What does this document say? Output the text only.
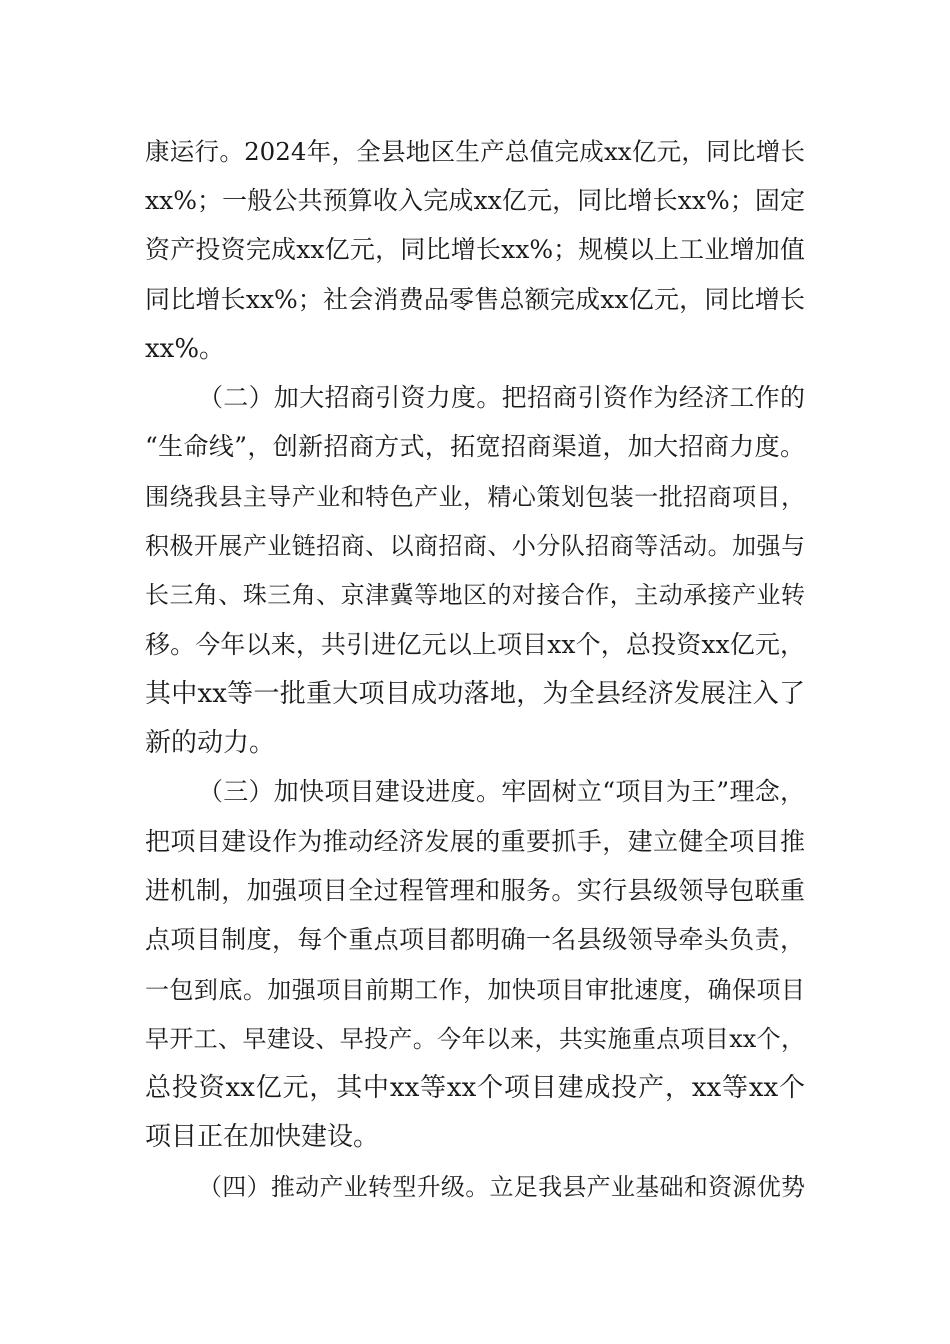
康运行。2024年，全县地区生产总值完成xx亿元，同比增长
xx%；一般公共预算收入完成xx亿元，同比增长xx%；固定
资产投资完成xx亿元，同比增长xx%；规模以上工业增加值
同比增长xx%；社会消费品零售总额完成xx亿元，同比增长
xx%。
（二）加大招商引资力度。把招商引资作为经济工作的
“生命线”，创新招商方式，拓宽招商渠道，加大招商力度。
围绕我县主导产业和特色产业，精心策划包装一批招商项目，
积极开展产业链招商、以商招商、小分队招商等活动。加强与
长三角、珠三角、京津冀等地区的对接合作，主动承接产业转
移。今年以来，共引进亿元以上项目xx个，总投资xx亿元，
其中xx等一批重大项目成功落地，为全县经济发展注入了
新的动力。
（三）加快项目建设进度。牢固树立“项目为王”理念，
把项目建设作为推动经济发展的重要抓手，建立健全项目推
进机制，加强项目全过程管理和服务。实行县级领导包联重
点项目制度，每个重点项目都明确一名县级领导牵头负责，
一包到底。加强项目前期工作，加快项目审批速度，确保项目
早开工、早建设、早投产。今年以来，共实施重点项目xx个，
总投资xx亿元，其中xx等xx个项目建成投产，xx等xx个
项目正在加快建设。
（四）推动产业转型升级。立足我县产业基础和资源优势
